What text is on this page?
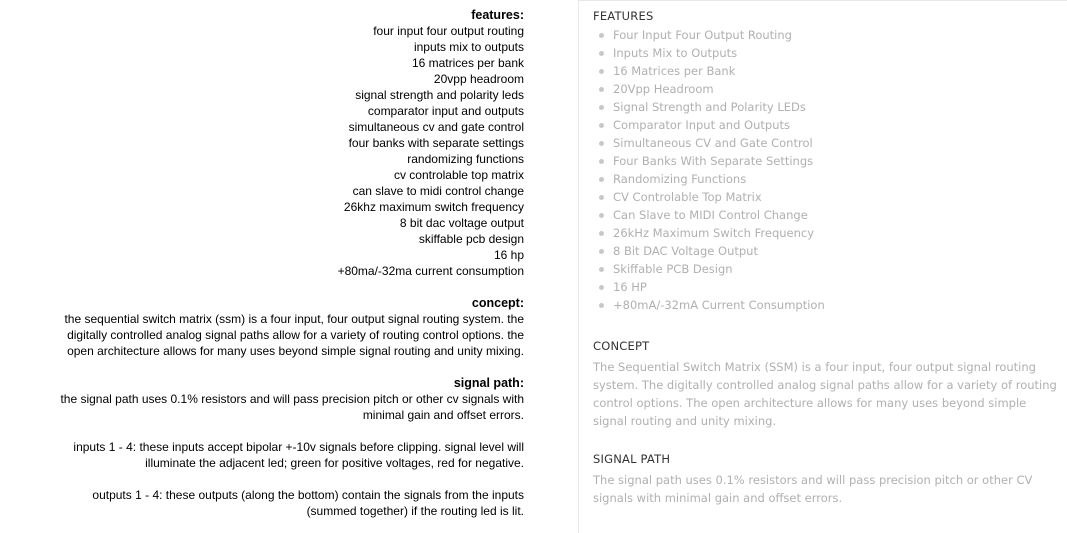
features:
four input four output routing
inputs mix to outputs
16 matrices per bank
20vpp headroom
signal strength and polarity leds
comparator input and outputs
simultaneous cv and gate control
four banks with separate settings
randomizing functions
cv controlable top matrix
can slave to midi control change
26khz maximum switch frequency
8 bit dac voltage output
skiffable pcb design
16 hp
+80ma/-32ma current consumption
concept:
the sequential switch matrix (ssm) is a four input, four output signal routing system. the
digitally controlled analog signal paths allow for a variety of routing control options. the
open architecture allows for many uses beyond simple signal routing and unity mixing.
signal path:
the signal path uses 0.1% resistors and will pass precision pitch or other cv signals with
minimal gain and offset errors.
inputs 1 - 4: these inputs accept bipolar +-10v signals before clipping. signal level will
illuminate the adjacent led; green for positive voltages, red for negative.
outputs 1 - 4: these outputs (along the bottom) contain the signals from the inputs
(summed together) if the routing led is lit.
FEATURES
Four Input Four Output Routing
Inputs Mix to Outputs
16 Matrices per Bank
20Vpp Headroom
Signal Strength and Polarity LEDs
Comparator Input and Outputs
Simultaneous CV and Gate Control
Four Banks With Separate Settings
Randomizing Functions
CV Controlable Top Matrix
Can Slave to MIDI Control Change
26kHz Maximum Switch Frequency
8 Bit DAC Voltage Output
Skiffable PCB Design
16 HP
+80mA/-32mA Current Consumption
CONCEPT

The Sequential Switch Matrix (SSM) is a four input, four output signal routing system. The digitally controlled analog signal paths allow for a variety of routing control options. The open architecture allows for many uses beyond simple signal routing and unity mixing.

SIGNAL PATH

The signal path uses 0.1% resistors and will pass precision pitch or other CV signals with minimal gain and offset errors.
